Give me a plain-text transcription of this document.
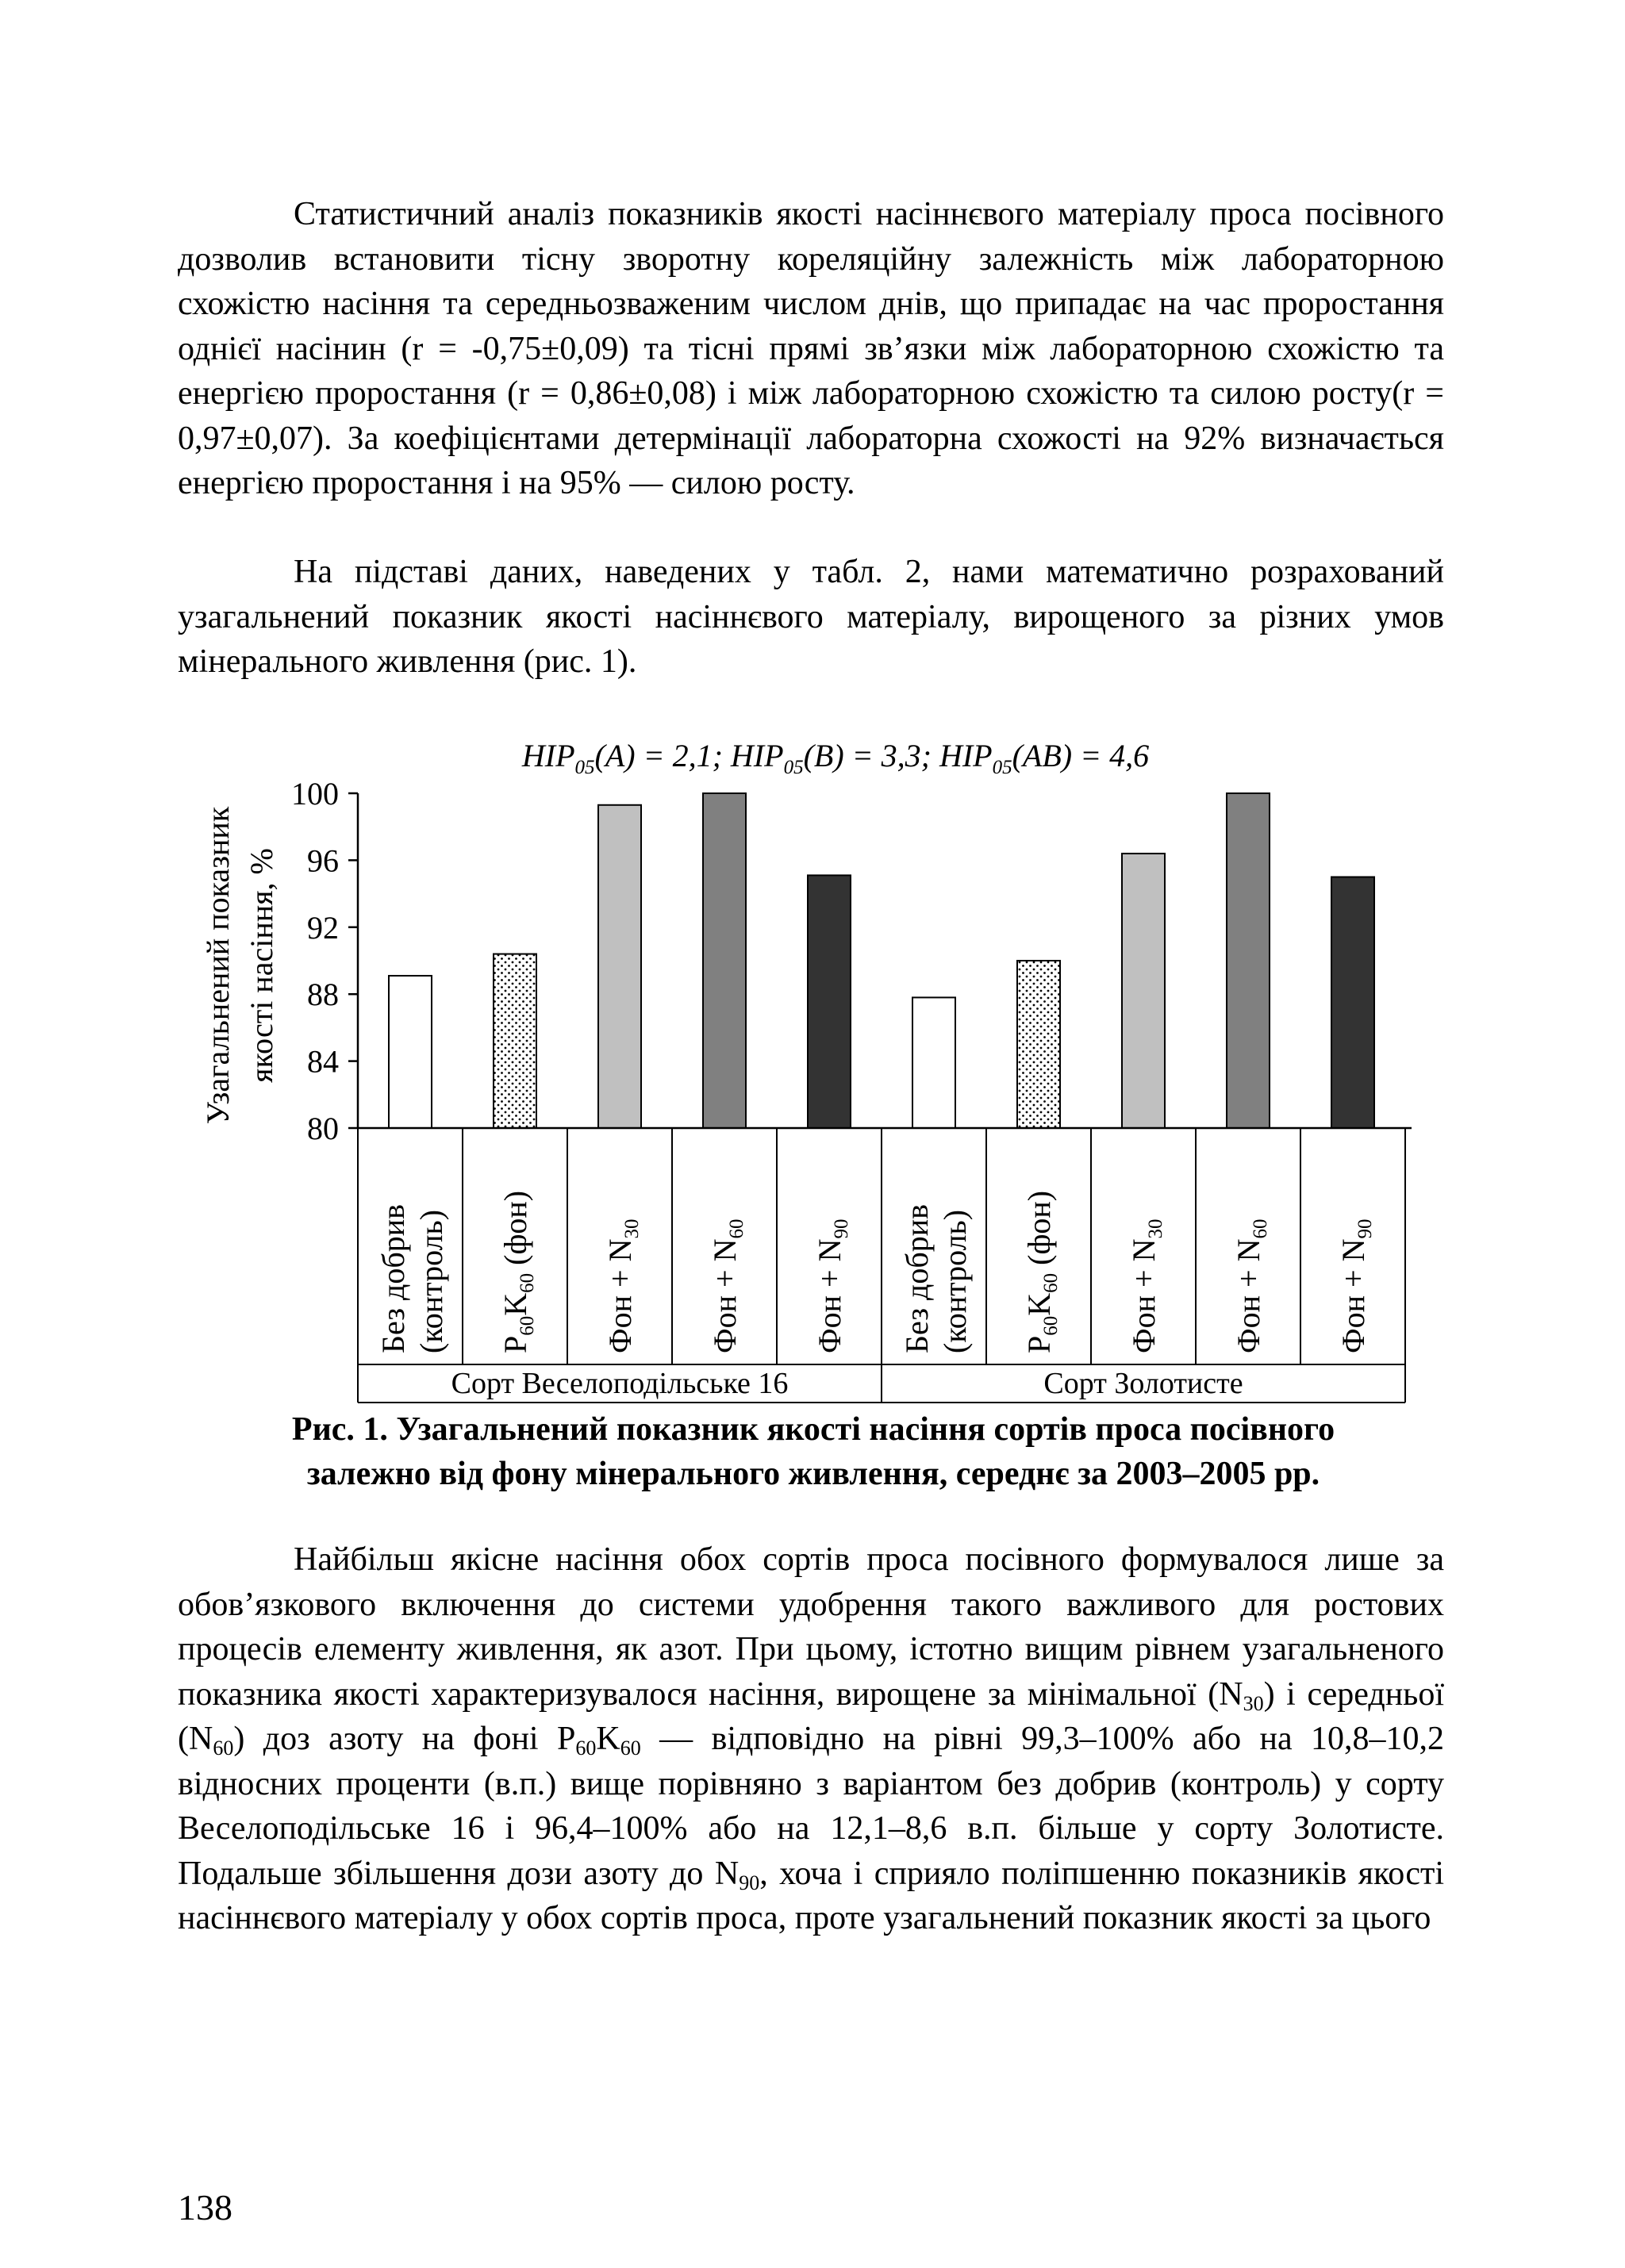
Статистичний аналіз показників якості насіннєвого матеріалу проса посівного дозволив встановити тісну зворотну кореляційну залежність між лабораторною схожістю насіння та середньозваженим числом днів, що припадає на час проростання однієї насінин (r = -0,75±0,09) та тісні прямі зв’язки між лабораторною схожістю та енергією проростання (r = 0,86±0,08) і між лабораторною схожістю та силою росту(r = 0,97±0,07). За коефіцієнтами детермінації лабораторна схожості на 92% визначається енергією проростання і на 95% — силою росту.

На підставі даних, наведених у табл. 2, нами математично розрахований узагальнений показник якості насіннєвого матеріалу, вирощеного за різних умов мінерального живлення (рис. 1).

$НІР_{05}(А) = 2,1$; $НІР_{05}(В) = 3,3$; $НІР_{05}(АВ) = 4,6$
Узагальнений показник якості насіння, %
80
84
88
92
96
100
Без добрив (контроль) $P_{60}K_{60}$ (фон)
Фон + $N_{30}$
Фон + $N_{60}$
Фон + $N_{90}$
Сорт Веселоподільське 16
Без добрив (контроль) $P_{60}K_{60}$ (фон)
Фон + $N_{30}$
Фон + $N_{60}$
Фон + $N_{90}$
Сорт Золотисте

Рис. 1. Узагальнений показник якості насіння сортів проса посівного
залежно від фону мінерального живлення, середнє за 2003–2005 рр.

Найбільш якісне насіння обох сортів проса посівного формувалося лише за обов’язкового включення до системи удобрення такого важливого для ростових процесів елементу живлення, як азот. При цьому, істотно вищим рівнем узагальненого показника якості характеризувалося насіння, вирощене за мінімальної $(N_{30})$ і середньої $(N_{60})$ доз азоту на фоні $P_{60}K_{60}$ — відповідно на рівні 99,3–100% або на 10,8–10,2 відносних проценти (в.п.) вище порівняно з варіантом без добрив (контроль) у сорту Веселоподільське 16 і 96,4–100% або на 12,1–8,6 в.п. більше у сорту Золотисте. Подальше збільшення дози азоту до $N_{90}$, хоча і сприяло поліпшенню показників якості насіннєвого матеріалу у обох сортів проса, проте узагальнений показник якості за цього

138
